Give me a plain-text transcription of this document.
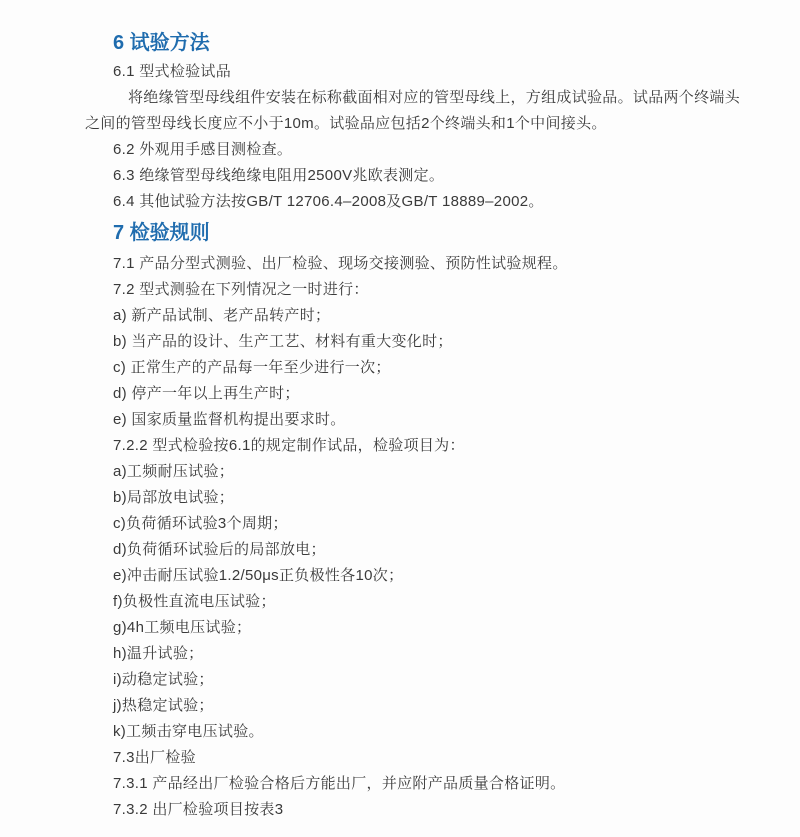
6 试验方法
6.1 型式检验试品
将绝缘管型母线组件安装在标称截面相对应的管型母线上，方组成试验品。试品两个终端头
之间的管型母线长度应不小于10m。试验品应包括2个终端头和1个中间接头。
6.2 外观用手感目测检查。
6.3 绝缘管型母线绝缘电阻用2500V兆欧表测定。
6.4 其他试验方法按GB/T 12706.4–2008及GB/T 18889–2002。
7 检验规则
7.1 产品分型式测验、出厂检验、现场交接测验、预防性试验规程。
7.2 型式测验在下列情况之一时进行：
a) 新产品试制、老产品转产时；
b) 当产品的设计、生产工艺、材料有重大变化时；
c) 正常生产的产品每一年至少进行一次；
d) 停产一年以上再生产时；
e) 国家质量监督机构提出要求时。
7.2.2 型式检验按6.1的规定制作试品，检验项目为：
a)工频耐压试验；
b)局部放电试验；
c)负荷循环试验3个周期；
d)负荷循环试验后的局部放电；
e)冲击耐压试验1.2/50μs正负极性各10次；
f)负极性直流电压试验；
g)4h工频电压试验；
h)温升试验；
i)动稳定试验；
j)热稳定试验；
k)工频击穿电压试验。
7.3出厂检验
7.3.1 产品经出厂检验合格后方能出厂，并应附产品质量合格证明。
7.3.2 出厂检验项目按表3
